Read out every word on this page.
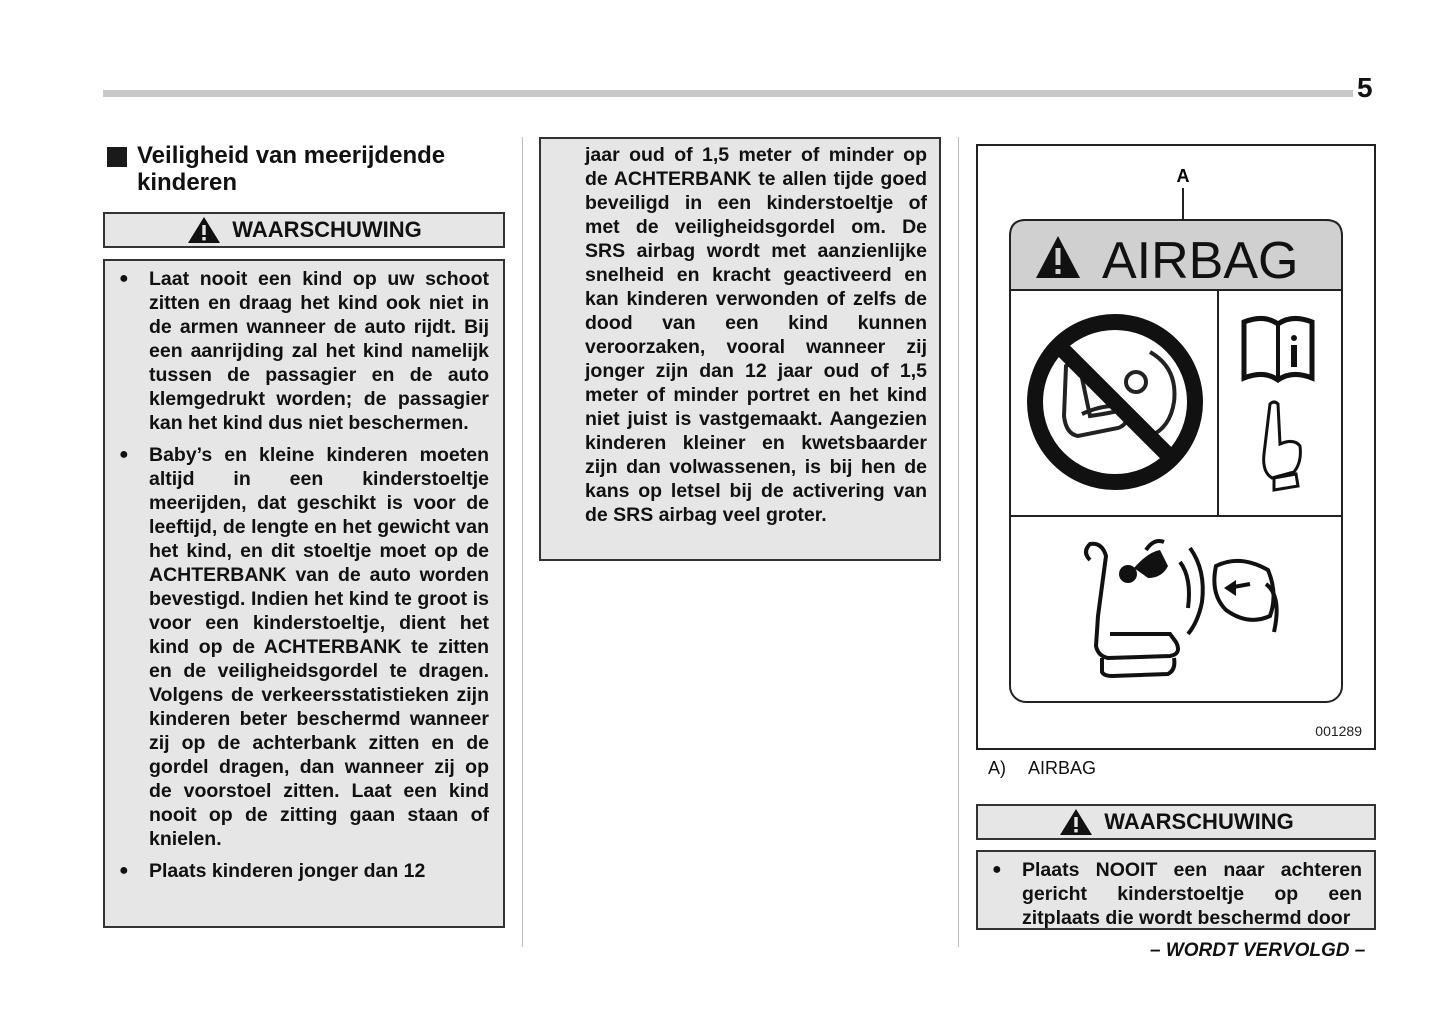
5
Veiligheid van meerijdende kinderen
WAARSCHUWING
● Laat nooit een kind op uw schoot zitten en draag het kind ook niet in de armen wanneer de auto rijdt. Bij een aanrijding zal het kind namelijk tussen de passagier en de auto klemgedrukt worden; de passagier kan het kind dus niet beschermen.
● Baby’s en kleine kinderen moeten altijd in een kinderstoeltje meerijden, dat geschikt is voor de leeftijd, de lengte en het gewicht van het kind, en dit stoeltje moet op de ACHTERBANK van de auto worden bevestigd. Indien het kind te groot is voor een kinderstoeltje, dient het kind op de ACHTERBANK te zitten en de veiligheidsgordel te dragen. Volgens de verkeersstatistieken zijn kinderen beter beschermd wanneer zij op de achterbank zitten en de gordel dragen, dan wanneer zij op de voorstoel zitten. Laat een kind nooit op de zitting gaan staan of knielen.
● Plaats kinderen jonger dan 12
jaar oud of 1,5 meter of minder op de ACHTERBANK te allen tijde goed beveiligd in een kinderstoeltje of met de veiligheidsgordel om. De SRS airbag wordt met aanzienlijke snelheid en kracht geactiveerd en kan kinderen verwonden of zelfs de dood van een kind kunnen veroorzaken, vooral wanneer zij jonger zijn dan 12 jaar oud of 1,5 meter of minder portret en het kind niet juist is vastgemaakt. Aangezien kinderen kleiner en kwetsbaarder zijn dan volwassenen, is bij hen de kans op letsel bij de activering van de SRS airbag veel groter.
A
AIRBAG
001289
A) AIRBAG
WAARSCHUWING
● Plaats NOOIT een naar achteren gericht kinderstoeltje op een zitplaats die wordt beschermd door
– WORDT VERVOLGD –
